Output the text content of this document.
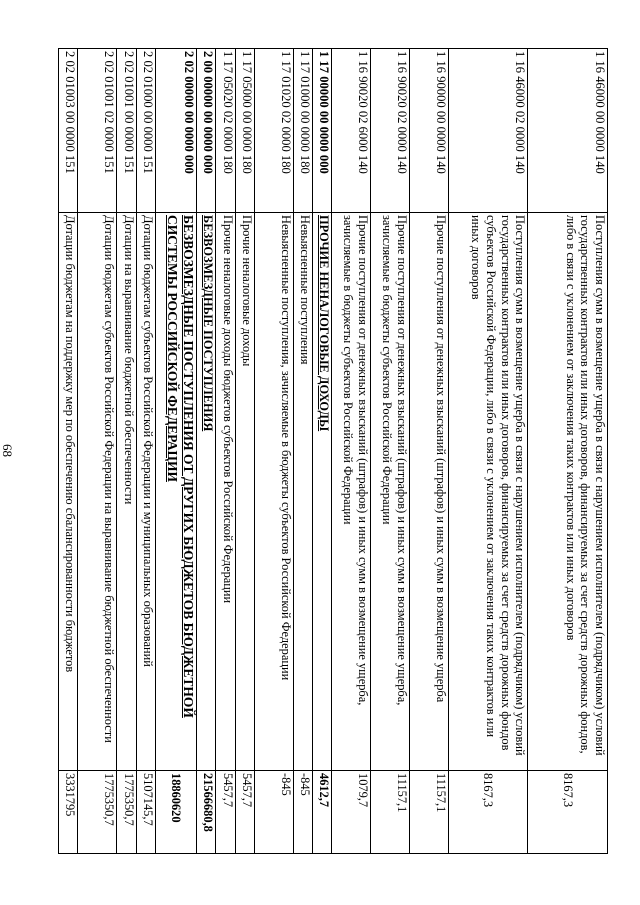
68
1 16 46000 00 0000 140	Поступления сумм в возмещение ущерба в связи с нарушением исполнителем (подрядчиком) условий государственных контрактов или иных договоров, финансируемых за счет средств дорожных фондов, либо в связи с уклонением от заключения таких контрактов или иных договоров	8167,3
1 16 46000 02 0000 140	Поступления сумм в возмещение ущерба в связи с нарушением исполнителем (подрядчиком) условий государственных контрактов или иных договоров, финансируемых за счет средств дорожных фондов субъектов Российской Федерации, либо в связи с уклонением от заключения таких контрактов или иных договоров	8167,3
1 16 90000 00 0000 140	Прочие поступления от денежных взысканий (штрафов) и иных сумм в возмещение ущерба	11157,1
1 16 90020 02 0000 140	Прочие поступления от денежных взысканий (штрафов) и иных сумм в возмещение ущерба, зачисляемые в бюджеты субъектов Российской Федерации	11157,1
1 16 90020 02 6000 140	Прочие поступления от денежных взысканий (штрафов) и иных сумм в возмещение ущерба, зачисляемые в бюджеты субъектов Российской Федерации	1079,7
1 17 00000 00 0000 000	ПРОЧИЕ НЕНАЛОГОВЫЕ ДОХОДЫ	4612,7
1 17 01000 00 0000 180	Невыясненные поступления	-845
1 17 01020 02 0000 180	Невыясненные поступления, зачисляемые в бюджеты субъектов Российской Федерации	-845
1 17 05000 00 0000 180	Прочие неналоговые доходы	5457,7
1 17 05020 02 0000 180	Прочие неналоговые доходы бюджетов субъектов Российской Федерации	5457,7
2 00 00000 00 0000 000	БЕЗВОЗМЕЗДНЫЕ ПОСТУПЛЕНИЯ	21566680,8
2 02 00000 00 0000 000	БЕЗВОЗМЕЗДНЫЕ ПОСТУПЛЕНИЯ ОТ ДРУГИХ БЮДЖЕТОВ БЮДЖЕТНОЙ СИСТЕМЫ РОССИЙСКОЙ ФЕДЕРАЦИИ	18860620
2 02 01000 00 0000 151	Дотации бюджетам субъектов Российской Федерации и муниципальных образований	5107145,7
2 02 01001 00 0000 151	Дотации на выравнивание бюджетной обеспеченности	1775350,7
2 02 01001 02 0000 151	Дотации бюджетам субъектов Российской Федерации на выравнивание бюджетной обеспеченности	1775350,7
2 02 01003 00 0000 151	Дотации бюджетам на поддержку мер по обеспечению сбалансированности бюджетов	3331795
